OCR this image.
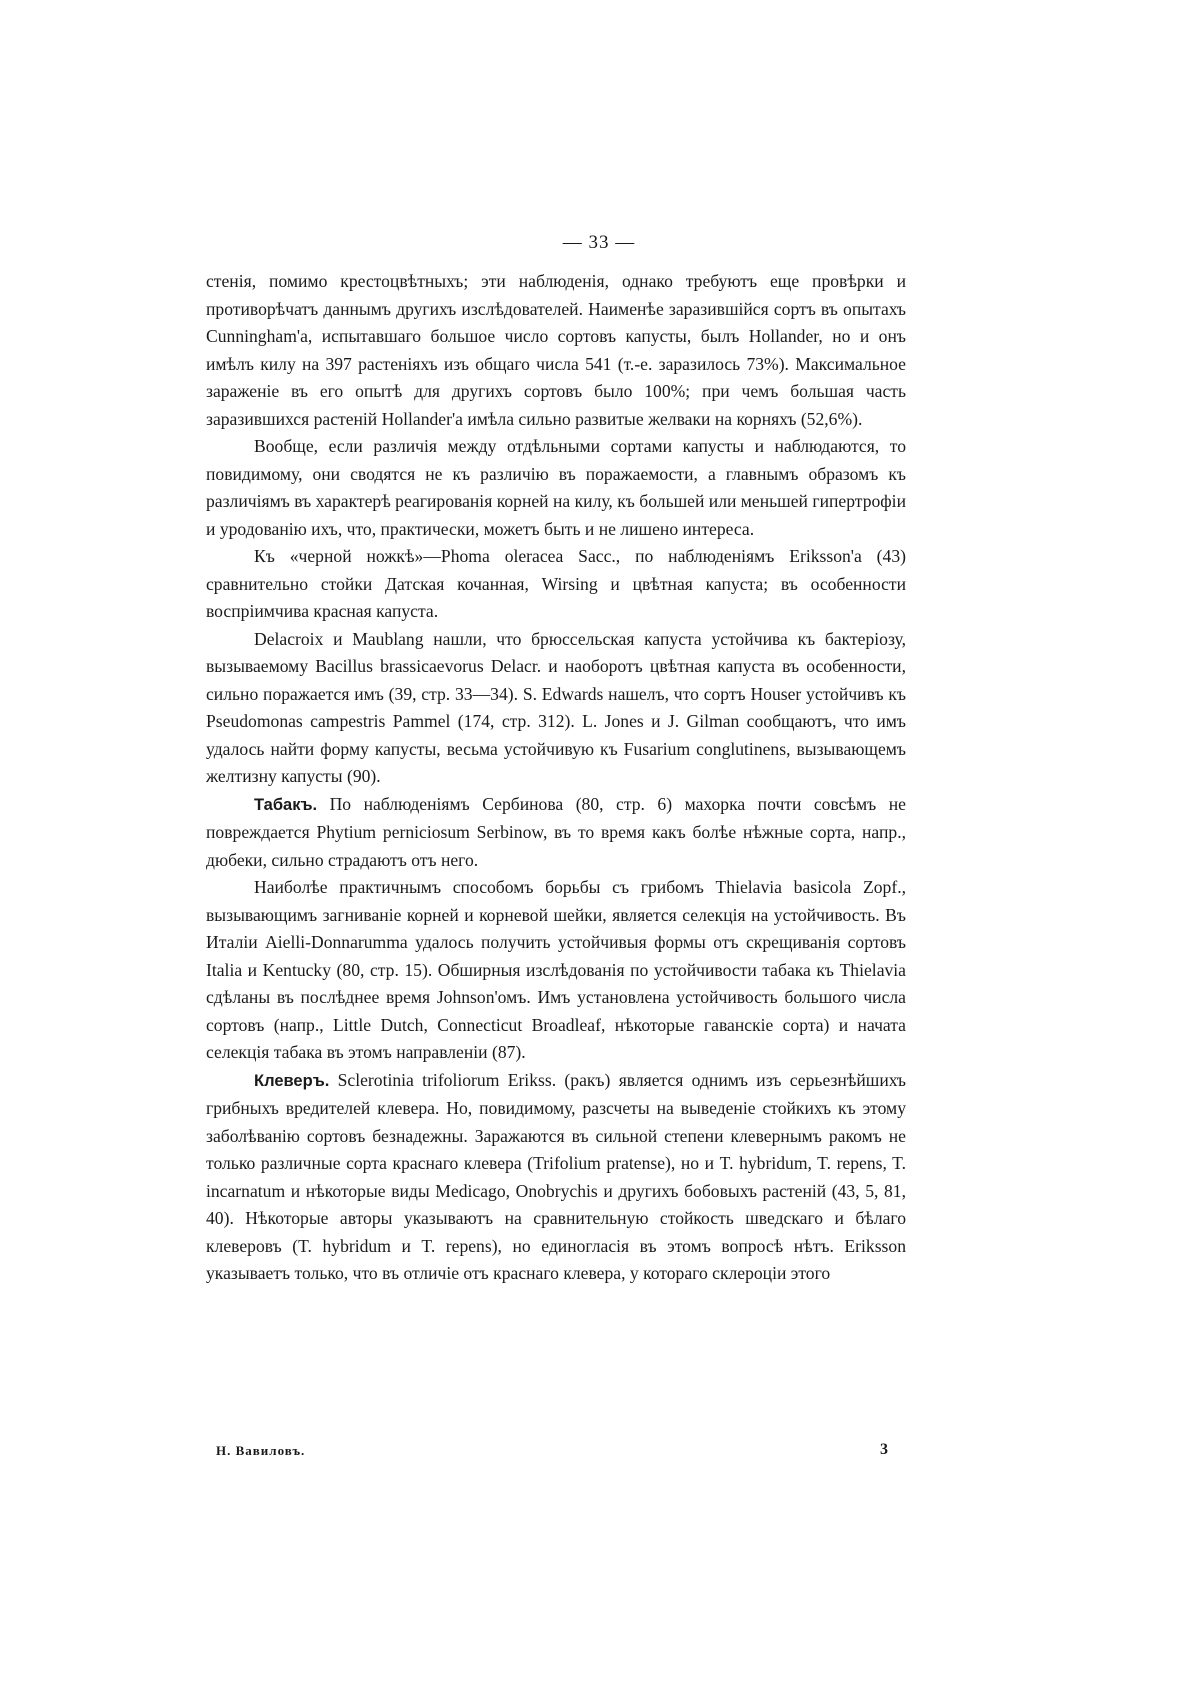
— 33 —

стенія, помимо крестоцвѣтныхъ; эти наблюденія, однако требуютъ еще провѣрки и противорѣчатъ даннымъ другихъ изслѣдователей. Наименѣе заразившійся сортъ въ опытахъ Cunningham'a, испытавшаго большое число сортовъ капусты, былъ Hollander, но и онъ имѣлъ килу на 397 растеніяхъ изъ общаго числа 541 (т.-е. заразилось 73%). Максимальное зараженіе въ его опытѣ для другихъ сортовъ было 100%; при чемъ большая часть заразившихся растеній Hollander'a имѣла сильно развитые желваки на корняхъ (52,6%).

Вообще, если различія между отдѣльными сортами капусты и наблюдаются, то повидимому, они сводятся не къ различію въ поражаемости, а главнымъ образомъ къ различіямъ въ характерѣ реагированія корней на килу, къ большей или меньшей гипертрофіи и уродованію ихъ, что, практически, можетъ быть и не лишено интереса.

Къ «черной ножкѣ»—Phoma oleracea Sacc., по наблюденіямъ Eriksson'a (43) сравнительно стойки Датская кочанная, Wirsing и цвѣтная капуста; въ особенности воспріимчива красная капуста.

Delacroix и Maublang нашли, что брюссельская капуста устойчива къ бактеріозу, вызываемому Bacillus brassicaevorus Delacr. и наоборотъ цвѣтная капуста въ особенности, сильно поражается имъ (39, стр. 33—34). S. Edwards нашелъ, что сортъ Houser устойчивъ къ Pseudomonas campestris Pammel (174, стр. 312). L. Jones и J. Gilman сообщаютъ, что имъ удалось найти форму капусты, весьма устойчивую къ Fusarium conglutinens, вызывающемъ желтизну капусты (90).

Табакъ. По наблюденіямъ Сербинова (80, стр. 6) махорка почти совсѣмъ не повреждается Phytium perniciosum Serbinow, въ то время какъ болѣе нѣжные сорта, напр., дюбеки, сильно страдаютъ отъ него.

Наиболѣе практичнымъ способомъ борьбы съ грибомъ Thielavia basicola Zopf., вызывающимъ загниваніе корней и корневой шейки, является селекція на устойчивость. Въ Италіи Aielli-Donnarumma удалось получить устойчивыя формы отъ скрещиванія сортовъ Italia и Kentucky (80, стр. 15). Обширныя изслѣдованія по устойчивости табака къ Thielavia сдѣланы въ послѣднее время Johnson'омъ. Имъ установлена устойчивость большого числа сортовъ (напр., Little Dutch, Connecticut Broadleaf, нѣкоторые гаванскіе сорта) и начата селекція табака въ этомъ направленіи (87).

Клеверъ. Sclerotinia trifoliorum Erikss. (ракъ) является однимъ изъ серьезнѣйшихъ грибныхъ вредителей клевера. Но, повидимому, разсчеты на выведеніе стойкихъ къ этому заболѣванію сортовъ безнадежны. Заражаются въ сильной степени клевернымъ ракомъ не только различные сорта краснаго клевера (Trifolium pratense), но и T. hybridum, T. repens, T. incarnatum и нѣкоторые виды Medicago, Onobrychis и другихъ бобовыхъ растеній (43, 5, 81, 40). Нѣкоторые авторы указываютъ на сравнительную стойкость шведскаго и бѣлаго клеверовъ (T. hybridum и T. repens), но единогласія въ этомъ вопросѣ нѣтъ. Eriksson указываетъ только, что въ отличіе отъ краснаго клевера, у котораго склероціи этого

Н. Вавиловъ.	3
